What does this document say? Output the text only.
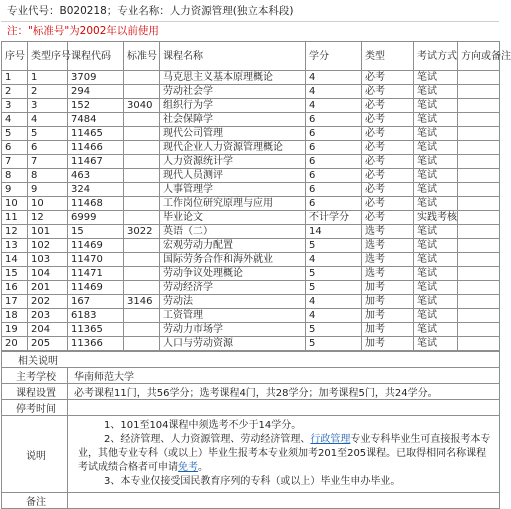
专业代号：B020218；专业名称：人力资源管理(独立本科段)
注："标准号"为2002年以前使用
序号	类型序号	课程代码	标准号	课程名称	学分	类型	考试方式	方向或备注
1	1	3709		马克思主义基本原理概论	4	必考	笔试	
2	2	294		劳动社会学	4	必考	笔试	
3	3	152	3040	组织行为学	4	必考	笔试	
4	4	7484		社会保障学	6	必考	笔试	
5	5	11465		现代公司管理	6	必考	笔试	
6	6	11466		现代企业人力资源管理概论	6	必考	笔试	
7	7	11467		人力资源统计学	6	必考	笔试	
8	8	463		现代人员测评	6	必考	笔试	
9	9	324		人事管理学	6	必考	笔试	
10	10	11468		工作岗位研究原理与应用	6	必考	笔试	
11	12	6999		毕业论文	不计学分	必考	实践考核	
12	101	15	3022	英语（二）	14	选考	笔试	
13	102	11469		宏观劳动力配置	5	选考	笔试	
14	103	11470		国际劳务合作和海外就业	4	选考	笔试	
15	104	11471		劳动争议处理概论	5	选考	笔试	
16	201	11469		劳动经济学	5	加考	笔试	
17	202	167	3146	劳动法	4	加考	笔试	
18	203	6183		工资管理	4	加考	笔试	
19	204	11365		劳动力市场学	5	加考	笔试	
20	205	11366		人口与劳动资源	5	加考	笔试	
相关说明	
主考学校	华南师范大学
课程设置	必考课程11门，共56学分；选考课程4门，共28学分；加考课程5门，共24学分。
停考时间	
说明	1、101至104课程中须选考不少于14学分。

2、经济管理、人力资源管理、劳动经济管理、行政管理专业专科毕业生可直接报考本专业，其他专业专科（或以上）毕业生报考本专业须加考201至205课程。已取得相同名称课程考试成绩合格者可申请免考。

3、本专业仅接受国民教育序列的专科（或以上）毕业生申办毕业。

备注	
